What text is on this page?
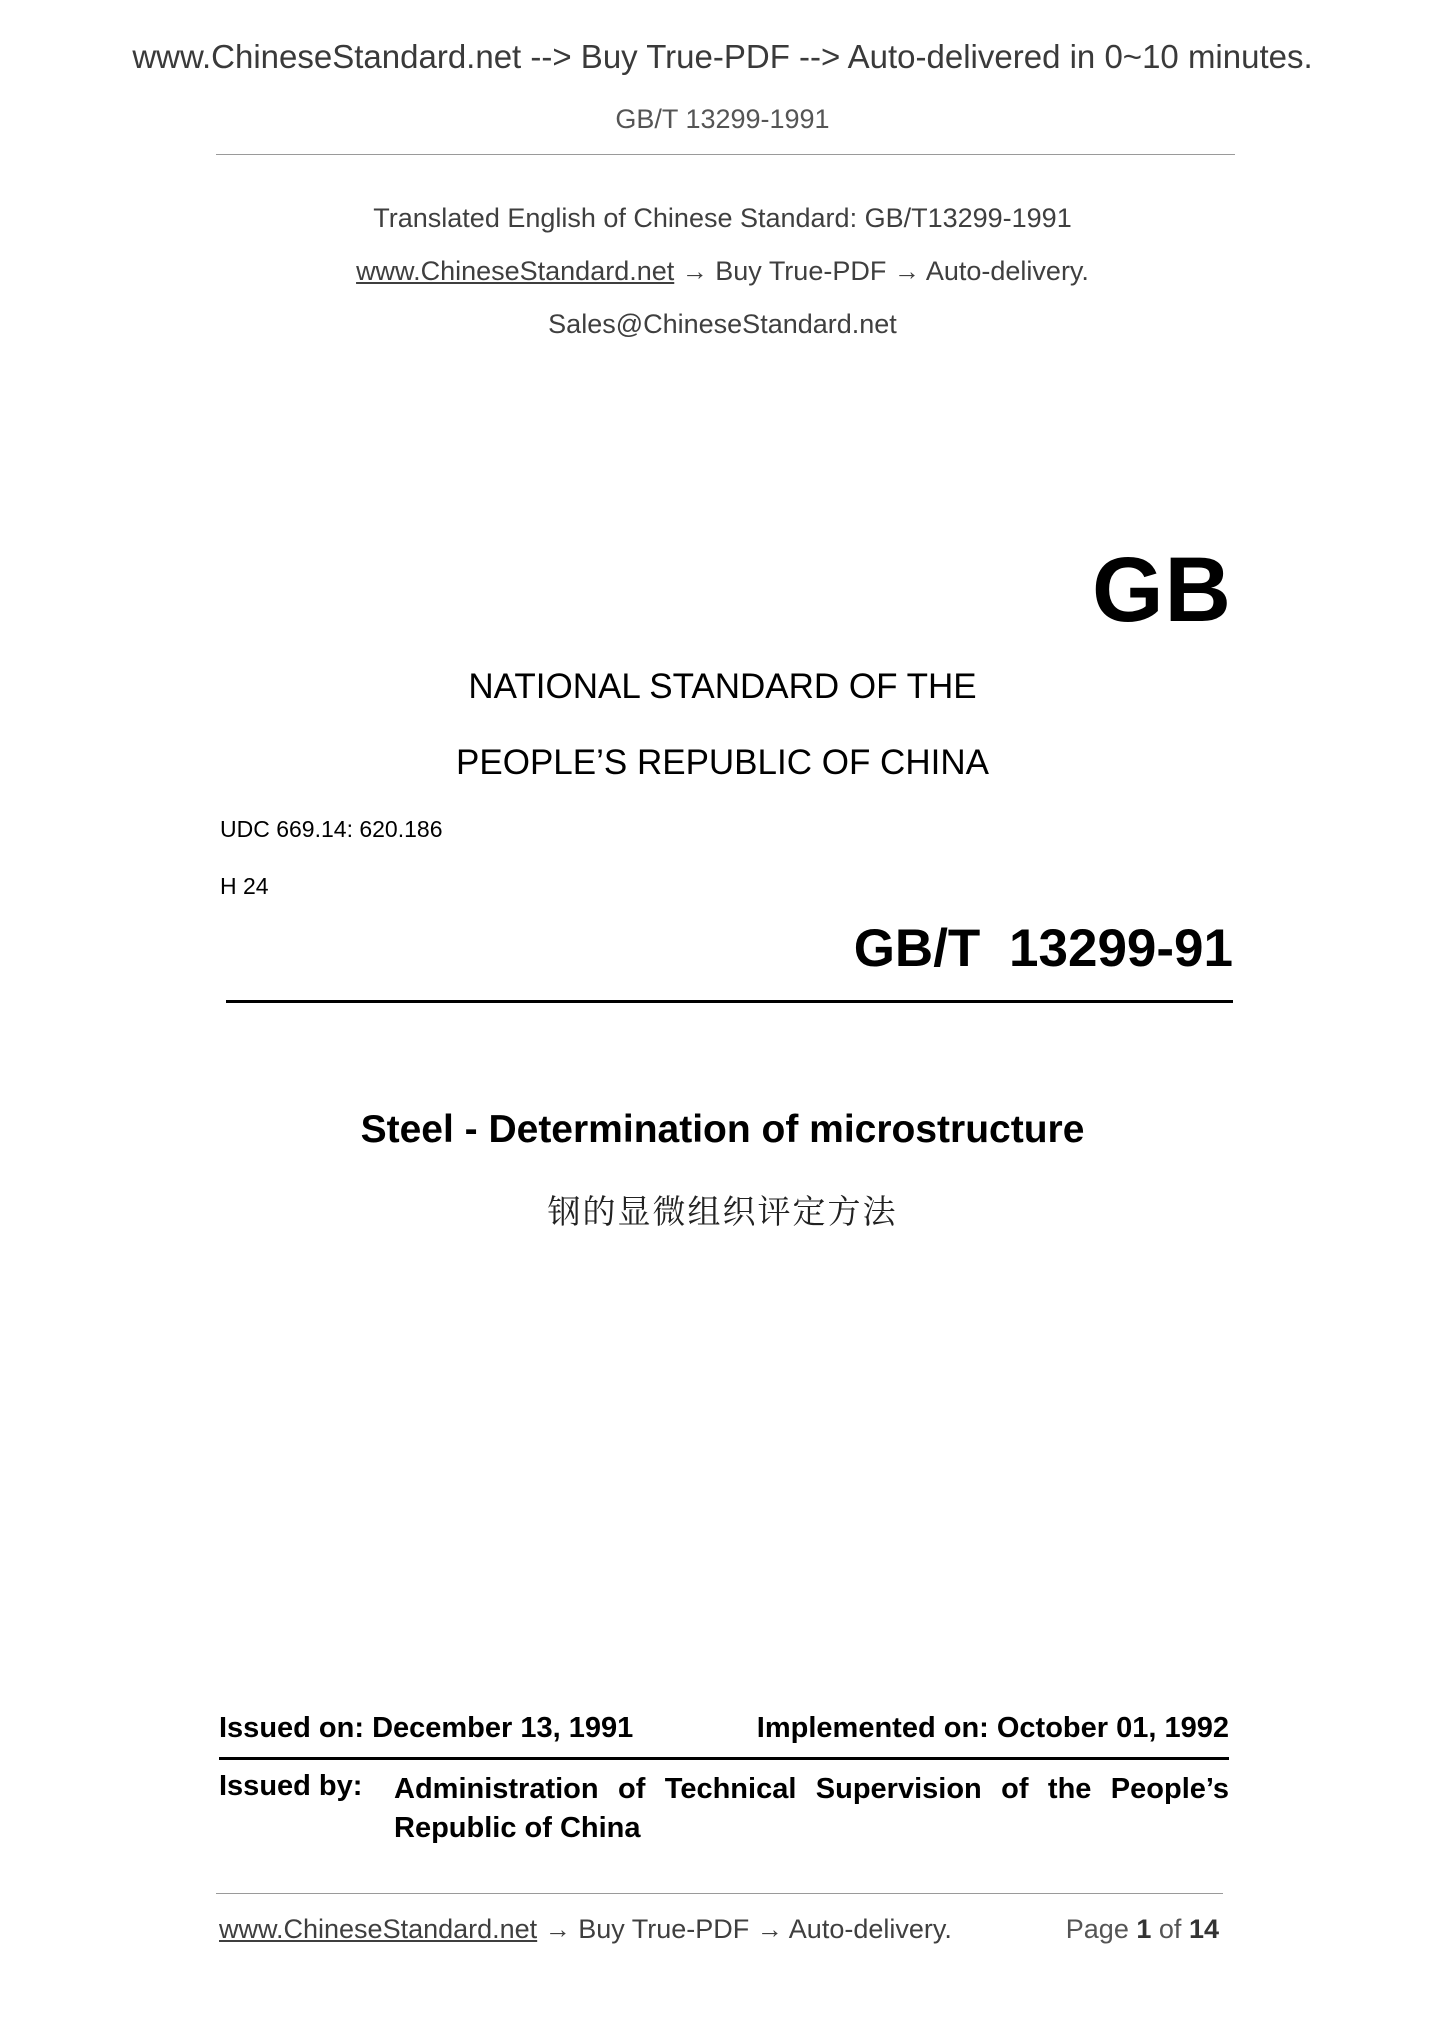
www.ChineseStandard.net --> Buy True-PDF --> Auto-delivered in 0~10 minutes.
GB/T 13299-1991
Translated English of Chinese Standard: GB/T13299-1991
www.ChineseStandard.net → Buy True-PDF → Auto-delivery.
Sales@ChineseStandard.net
GB
NATIONAL STANDARD OF THE
PEOPLE’S REPUBLIC OF CHINA
UDC 669.14: 620.186
H 24
GB/T 13299-91
Steel - Determination of microstructure
钢的显微组织评定方法
Issued on: December 13, 1991	Implemented on: October 01, 1992
Issued by: Administration of Technical Supervision of the People’s Republic of China
www.ChineseStandard.net → Buy True-PDF → Auto-delivery.	Page 1 of 14
